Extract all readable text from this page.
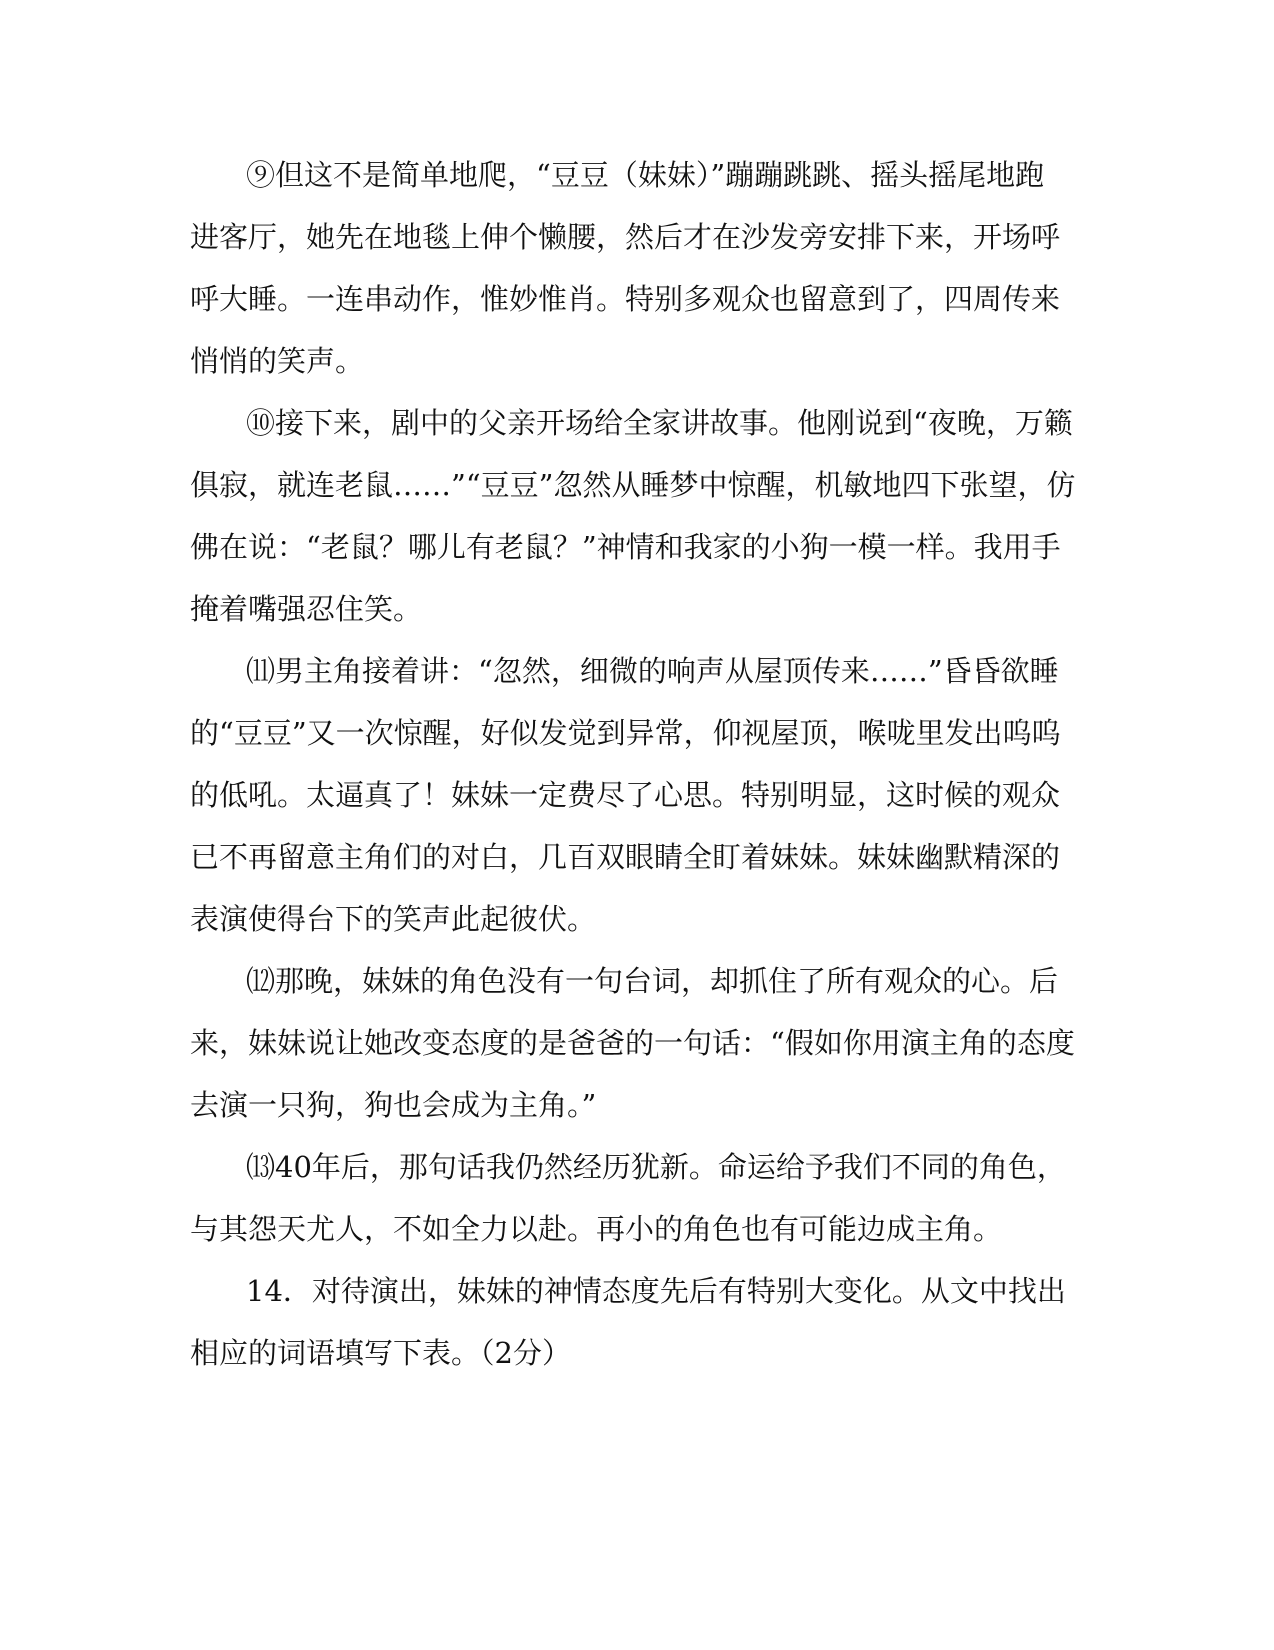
⑨但这不是简单地爬，“豆豆（妹妹）”蹦蹦跳跳、摇头摇尾地跑
进客厅，她先在地毯上伸个懒腰，然后才在沙发旁安排下来，开场呼
呼大睡。一连串动作，惟妙惟肖。特别多观众也留意到了，四周传来
悄悄的笑声。
⑩接下来，剧中的父亲开场给全家讲故事。他刚说到“夜晚，万籁
俱寂，就连老鼠……”“豆豆”忽然从睡梦中惊醒，机敏地四下张望，仿
佛在说：“老鼠？哪儿有老鼠？”神情和我家的小狗一模一样。我用手
掩着嘴强忍住笑。
⑾男主角接着讲：“忽然，细微的响声从屋顶传来……”昏昏欲睡
的“豆豆”又一次惊醒，好似发觉到异常，仰视屋顶，喉咙里发出呜呜
的低吼。太逼真了！妹妹一定费尽了心思。特别明显，这时候的观众
已不再留意主角们的对白，几百双眼睛全盯着妹妹。妹妹幽默精深的
表演使得台下的笑声此起彼伏。
⑿那晚，妹妹的角色没有一句台词，却抓住了所有观众的心。后
来，妹妹说让她改变态度的是爸爸的一句话：“假如你用演主角的态度
去演一只狗，狗也会成为主角。”
⒀40年后，那句话我仍然经历犹新。命运给予我们不同的角色，
与其怨天尤人，不如全力以赴。再小的角色也有可能边成主角。
14．对待演出，妹妹的神情态度先后有特别大变化。从文中找出
相应的词语填写下表。（2分）
